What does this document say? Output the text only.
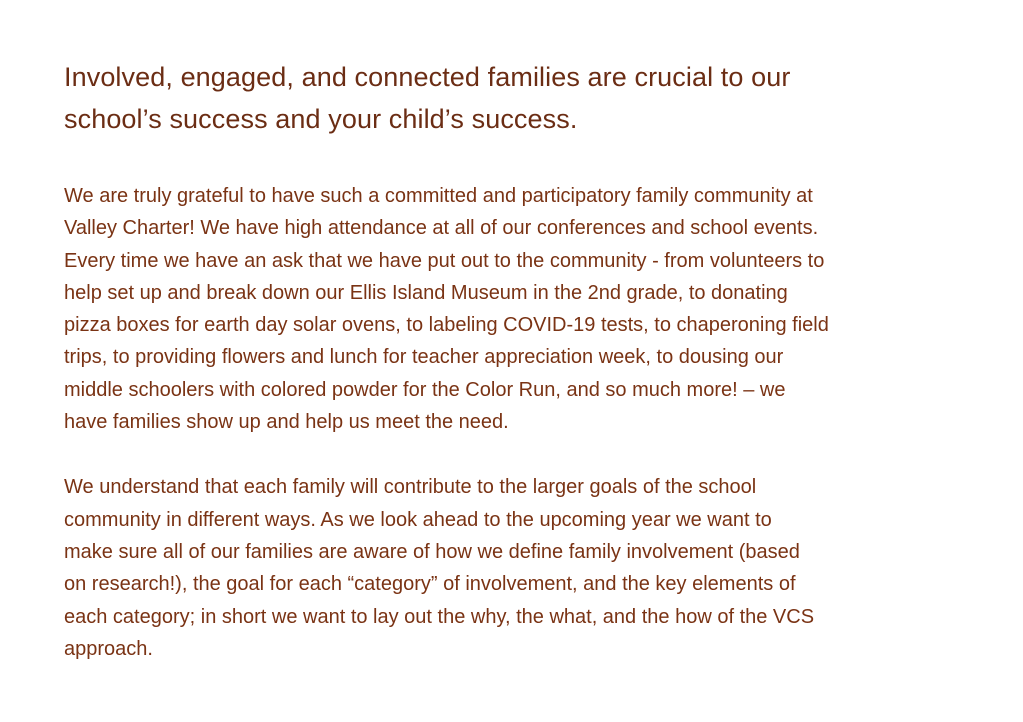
Involved, engaged, and connected families are crucial to our
school’s success and your child’s success.

We are truly grateful to have such a committed and participatory family community at
Valley Charter! We have high attendance at all of our conferences and school events.
Every time we have an ask that we have put out to the community - from volunteers to
help set up and break down our Ellis Island Museum in the 2nd grade, to donating
pizza boxes for earth day solar ovens, to labeling COVID-19 tests, to chaperoning field
trips, to providing flowers and lunch for teacher appreciation week, to dousing our
middle schoolers with colored powder for the Color Run, and so much more! – we
have families show up and help us meet the need.

We understand that each family will contribute to the larger goals of the school
community in different ways. As we look ahead to the upcoming year we want to
make sure all of our families are aware of how we define family involvement (based
on research!), the goal for each “category” of involvement, and the key elements of
each category; in short we want to lay out the why, the what, and the how of the VCS
approach.
